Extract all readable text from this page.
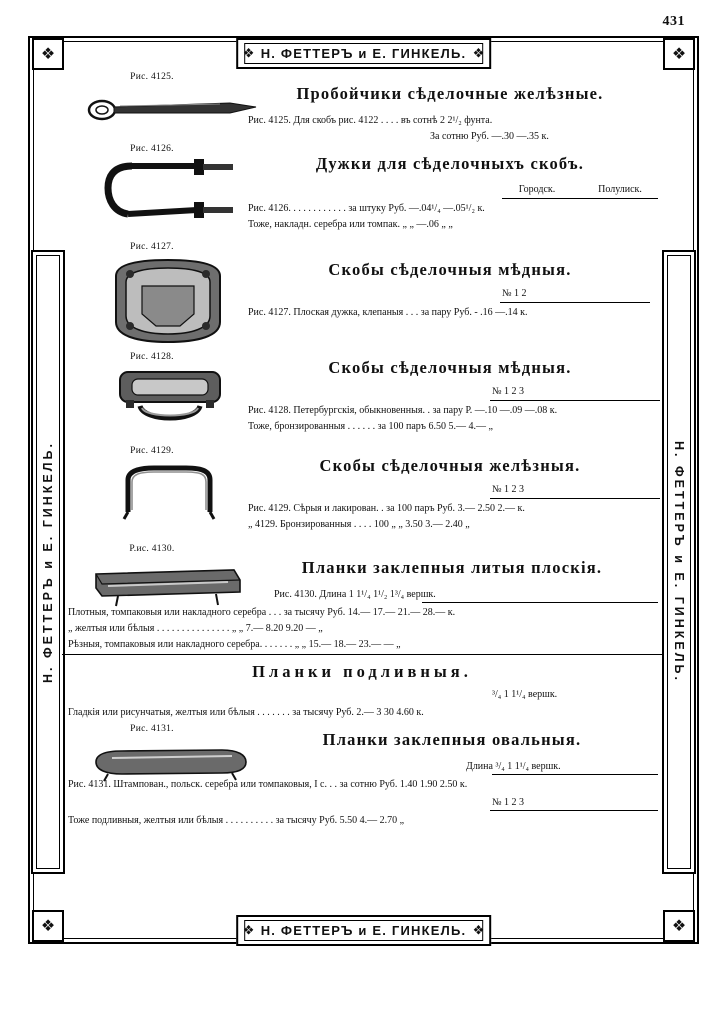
431
❖	❖
❖	❖
Н. ФЕТТЕРЪ и Е. ГИНКЕЛЬ.	Н. ФЕТТЕРЪ и Е. ГИНКЕЛЬ.
❖	❖
Н. ФЕТТЕРЪ и Е. ГИНКЕЛЬ.
❖	❖
Н. ФЕТТЕРЪ и Е. ГИНКЕЛЬ.
Рис. 4125.
Пробойчики сѣделочные желѣзные.
Рис. 4125. Для скобъ рис. 4122 . . . . въ сотнѣ 2 2¹/₂ фунта.
За сотню Руб. —.30 —.35 к.
Рис. 4126.
Дужки для сѣделочныхъ скобъ.
Городск.	Полулиск.
Рис. 4126. . . . . . . . . . . . за штуку Руб. —.04¹/₄ —.05¹/₂ к.
Тоже, накладн. серебра или томпак. „ „ —.06 „ „
Рис. 4127.
Скобы сѣделочныя мѣдныя.
№ 1 2
Рис. 4127. Плоская дужка, клепаныя . . . за пару Руб. - .16 —.14 к.
Рис. 4128.
Скобы сѣделочныя мѣдныя.
№ 1 2 3
Рис. 4128. Петербургскія, обыкновенныя. . за пару Р. —.10 —.09 —.08 к.
Тоже, бронзированныя . . . . . . за 100 паръ 6.50 5.— 4.— „
Рис. 4129.
Скобы сѣделочныя желѣзныя.
№ 1 2 3
Рис. 4129. Сѣрыя и лакирован. . за 100 паръ Руб. 3.— 2.50 2.— к.
„ 4129. Бронзированныя . . . . 100 „ „ 3.50 3.— 2.40 „
Р.ис. 4130.
Планки заклепныя литыя плоскія.
Рис. 4130. Длина 1 1¹/₄ 1¹/₂ 1³/₄ вершк.
Плотныя, томпаковыя или накладного серебра . . . за тысячу Руб. 14.— 17.— 21.— 28.— к.
„ желтыя или бѣлыя . . . . . . . . . . . . . . . „ „ 7.— 8.20 9.20 — „
Рѣзныя, томпаковыя или накладного серебра. . . . . . . „ „ 15.— 18.— 23.— — „
Планки подливныя.
³/₄ 1 1¹/₄ вершк.
Гладкія или рисунчатыя, желтыя или бѣлыя . . . . . . . за тысячу Руб. 2.— 3 30 4.60 к.
Рис. 4131.
Планки заклепныя овальныя.
Длина ³/₄ 1 1¹/₄ вершк.
Рис. 4131. Штампован., польск. серебра или томпаковыя, I с. . . за сотню Руб. 1.40 1.90 2.50 к.
№ 1 2 3
Тоже подливныя, желтыя или бѣлыя . . . . . . . . . . за тысячу Руб. 5.50 4.— 2.70 „
